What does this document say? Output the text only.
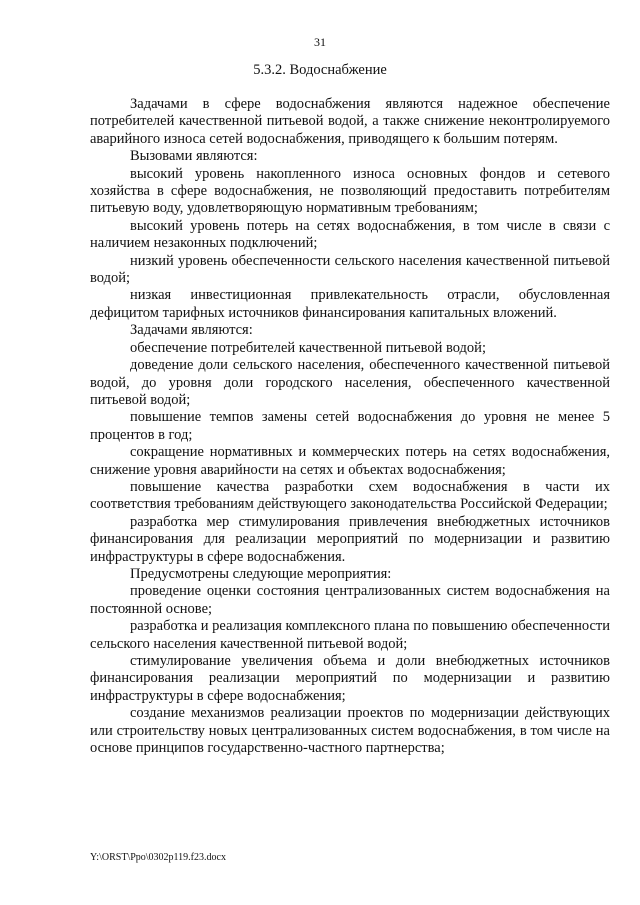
31
5.3.2. Водоснабжение

Задачами в сфере водоснабжения являются надежное обеспечение потребителей качественной питьевой водой, а также снижение неконтролируемого аварийного износа сетей водоснабжения, приводящего к большим потерям.

Вызовами являются:

высокий уровень накопленного износа основных фондов и сетевого хозяйства в сфере водоснабжения, не позволяющий предоставить потребителям питьевую воду, удовлетворяющую нормативным требованиям;

высокий уровень потерь на сетях водоснабжения, в том числе в связи с наличием незаконных подключений;

низкий уровень обеспеченности сельского населения качественной питьевой водой;

низкая инвестиционная привлекательность отрасли, обусловленная дефицитом тарифных источников финансирования капитальных вложений.

Задачами являются:

обеспечение потребителей качественной питьевой водой;

доведение доли сельского населения, обеспеченного качественной питьевой водой, до уровня доли городского населения, обеспеченного качественной питьевой водой;

повышение темпов замены сетей водоснабжения до уровня не менее 5 процентов в год;

сокращение нормативных и коммерческих потерь на сетях водоснабжения, снижение уровня аварийности на сетях и объектах водоснабжения;

повышение качества разработки схем водоснабжения в части их соответствия требованиям действующего законодательства Российской Федерации;

разработка мер стимулирования привлечения внебюджетных источников финансирования для реализации мероприятий по модернизации и развитию инфраструктуры в сфере водоснабжения.

Предусмотрены следующие мероприятия:

проведение оценки состояния централизованных систем водоснабжения на постоянной основе;

разработка и реализация комплексного плана по повышению обеспеченности сельского населения качественной питьевой водой;

стимулирование увеличения объема и доли внебюджетных источников финансирования реализации мероприятий по модернизации и развитию инфраструктуры в сфере водоснабжения;

создание механизмов реализации проектов по модернизации действующих или строительству новых централизованных систем водоснабжения, в том числе на основе принципов государственно-частного партнерства;

Y:\ORST\Ppo\0302p119.f23.docx
